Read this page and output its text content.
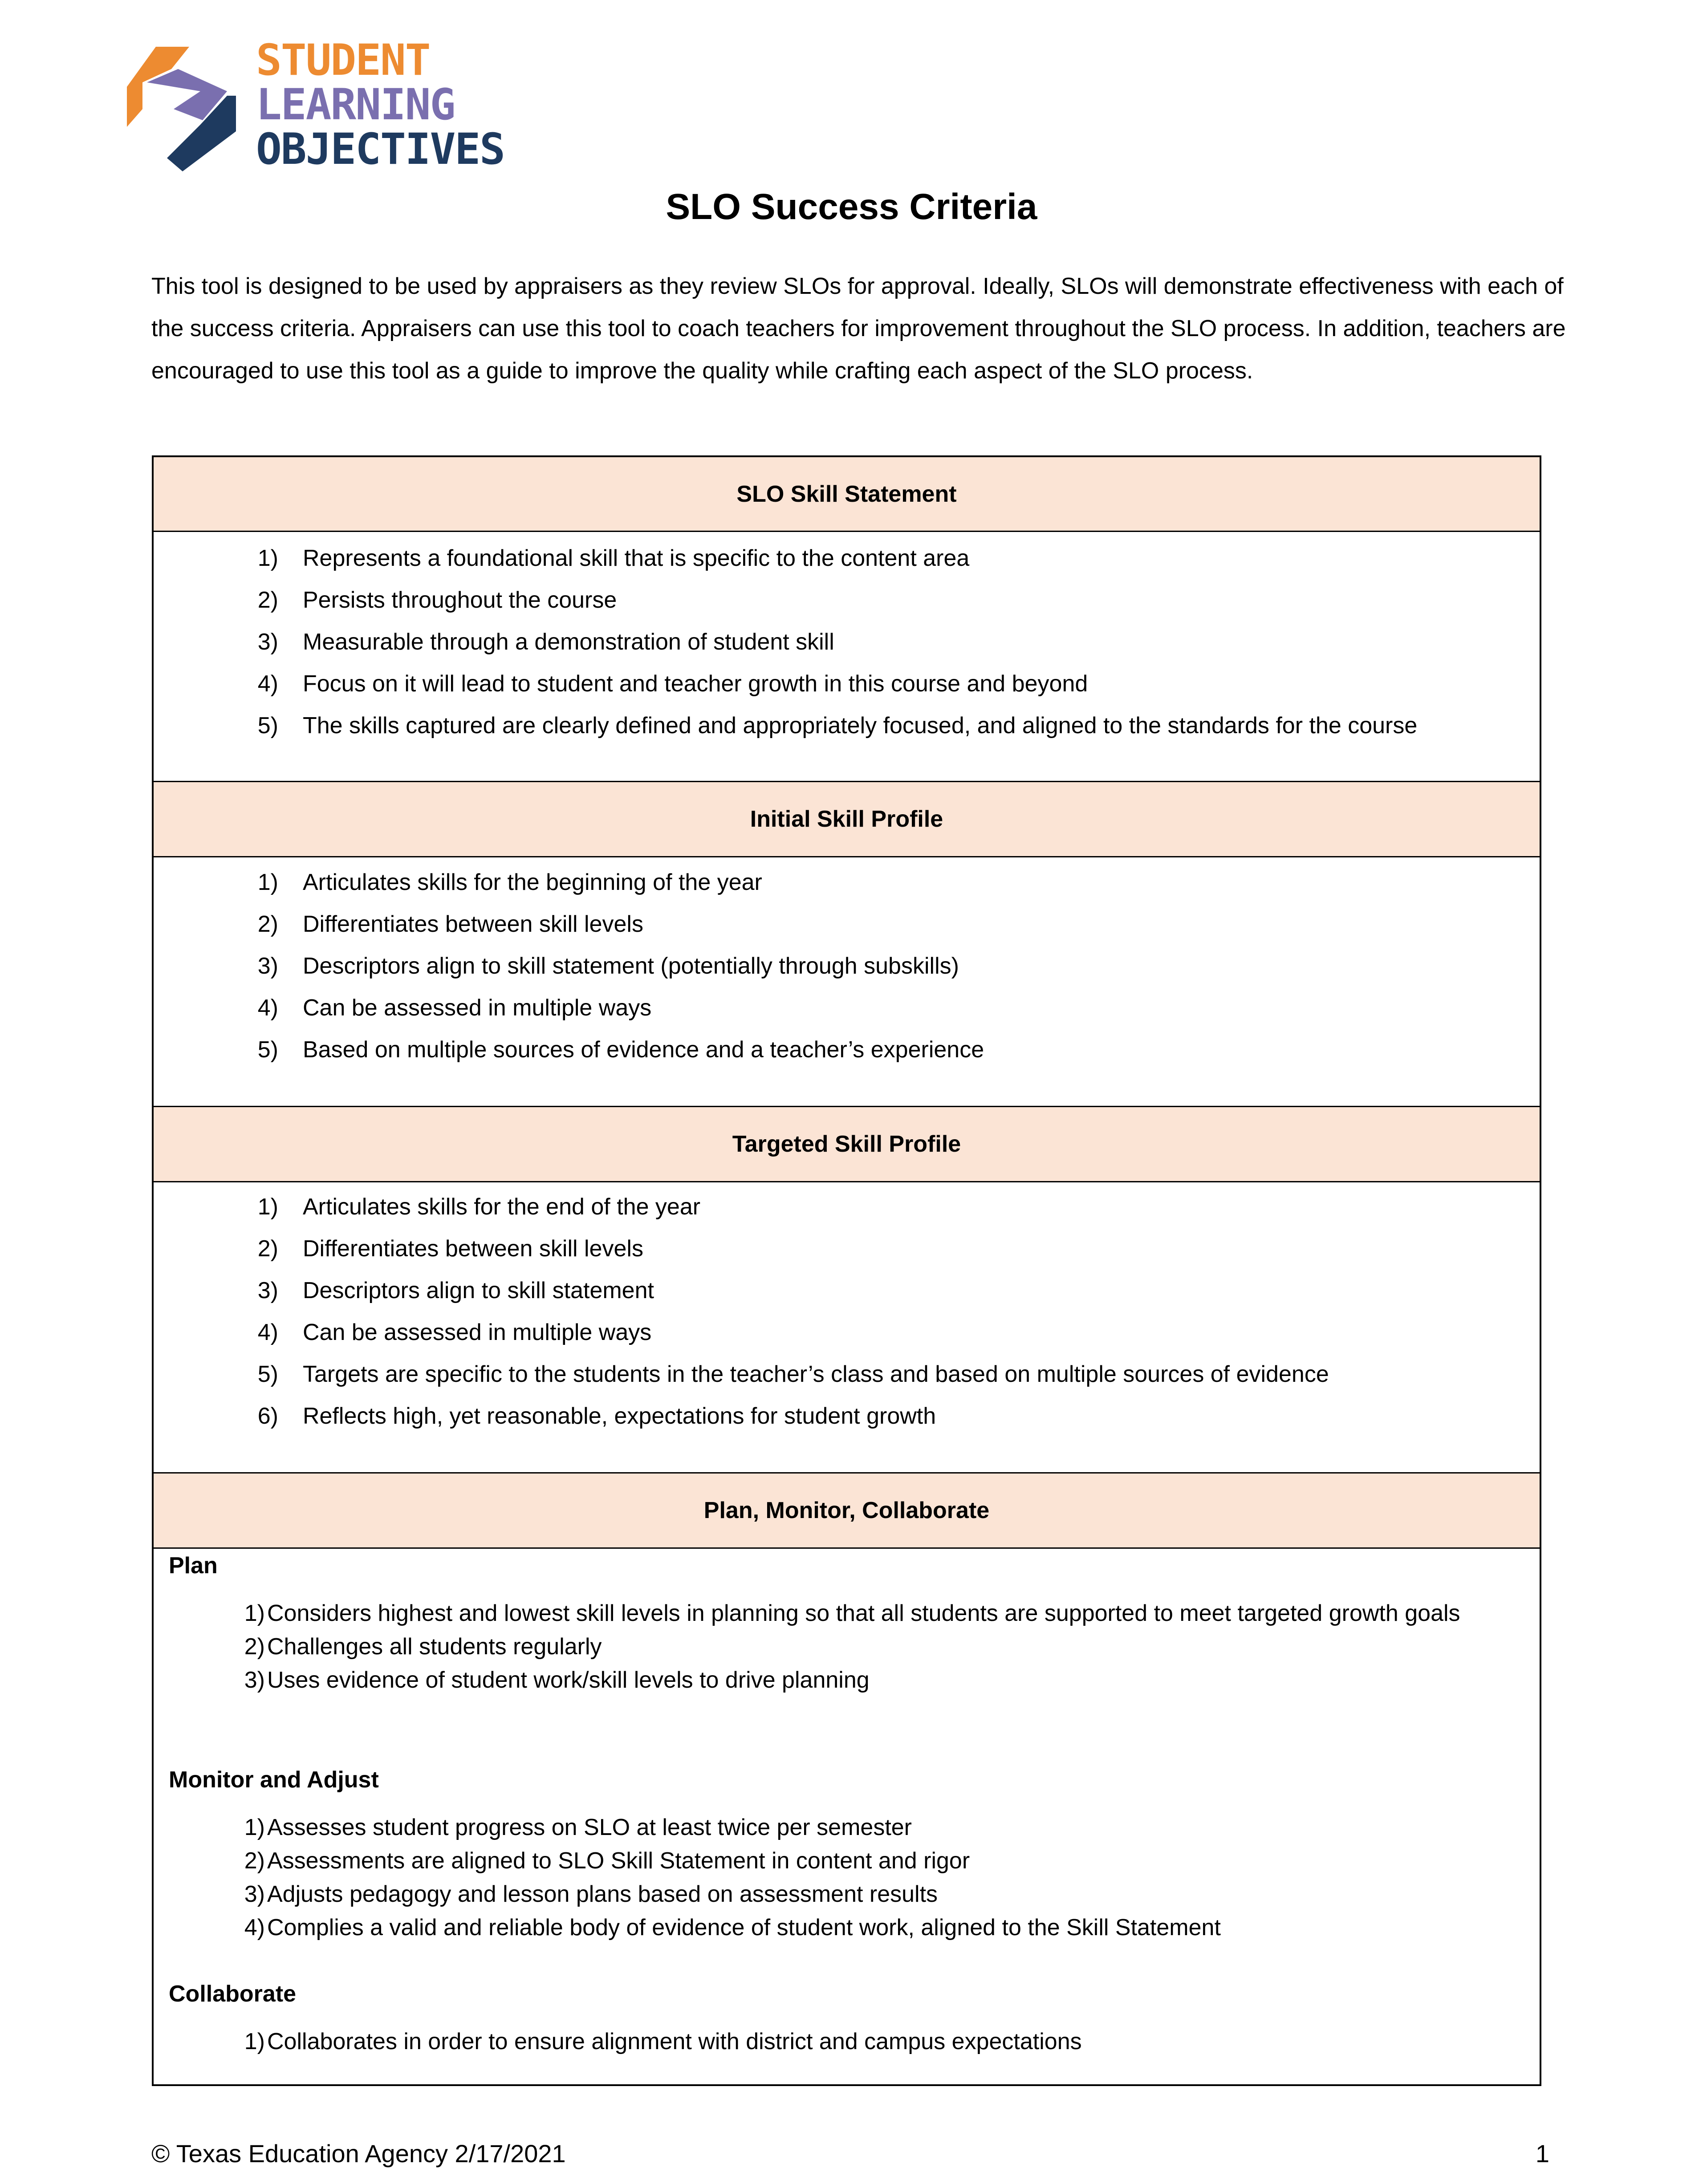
STUDENT
LEARNING
OBJECTIVES
SLO Success Criteria
This tool is designed to be used by appraisers as they review SLOs for approval. Ideally, SLOs will demonstrate effectiveness with each of the success criteria. Appraisers can use this tool to coach teachers for improvement throughout the SLO process. In addition, teachers are encouraged to use this tool as a guide to improve the quality while crafting each aspect of the SLO process.
SLO Skill Statement
1) Represents a foundational skill that is specific to the content area
2) Persists throughout the course
3) Measurable through a demonstration of student skill
4) Focus on it will lead to student and teacher growth in this course and beyond
5) The skills captured are clearly defined and appropriately focused, and aligned to the standards for the course
Initial Skill Profile
1) Articulates skills for the beginning of the year
2) Differentiates between skill levels
3) Descriptors align to skill statement (potentially through subskills)
4) Can be assessed in multiple ways
5) Based on multiple sources of evidence and a teacher’s experience
Targeted Skill Profile
1) Articulates skills for the end of the year
2) Differentiates between skill levels
3) Descriptors align to skill statement
4) Can be assessed in multiple ways
5) Targets are specific to the students in the teacher’s class and based on multiple sources of evidence
6) Reflects high, yet reasonable, expectations for student growth
Plan, Monitor, Collaborate
Plan
1) Considers highest and lowest skill levels in planning so that all students are supported to meet targeted growth goals
2) Challenges all students regularly
3) Uses evidence of student work/skill levels to drive planning
Monitor and Adjust
1) Assesses student progress on SLO at least twice per semester
2) Assessments are aligned to SLO Skill Statement in content and rigor
3) Adjusts pedagogy and lesson plans based on assessment results
4) Complies a valid and reliable body of evidence of student work, aligned to the Skill Statement
Collaborate
1) Collaborates in order to ensure alignment with district and campus expectations
© Texas Education Agency 2/17/2021	1
